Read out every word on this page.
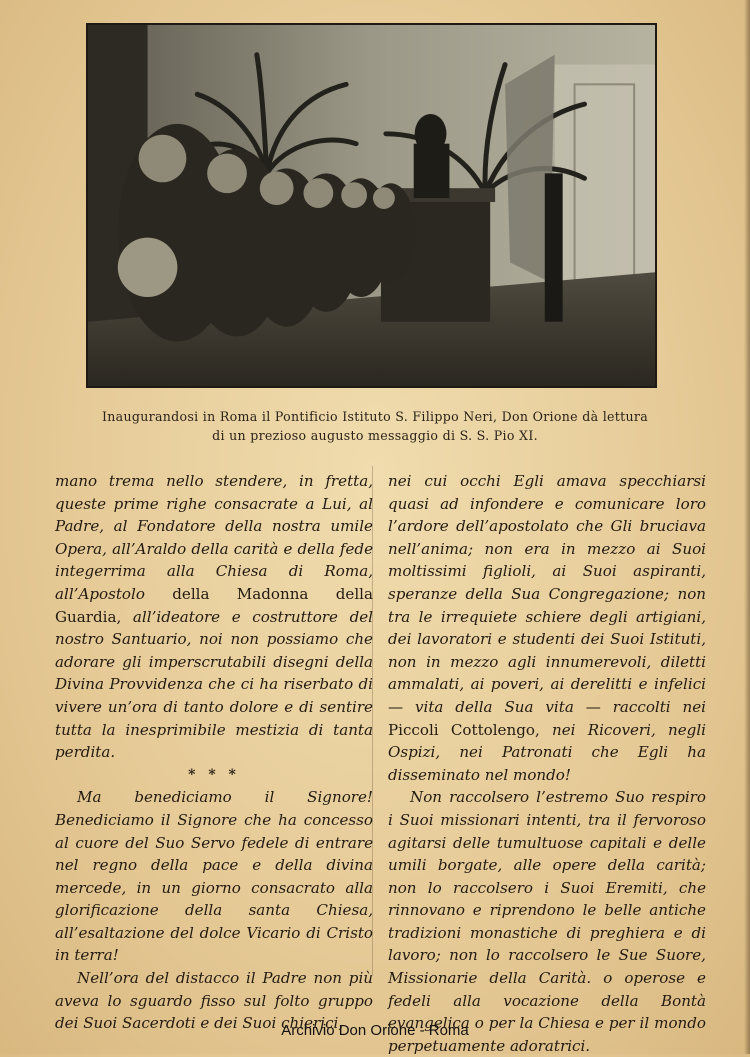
Inaugurandosi in Roma il Pontificio Istituto S. Filippo Neri, Don Orione dà lettura
di un prezioso augusto messaggio di S. S. Pio XI.

mano trema nello stendere, in fretta, queste prime righe consacrate a Lui, al Padre, al Fondatore della nostra umile Opera, all’Araldo della carità e della fede integerrima alla Chiesa di Roma, all’Apostolo della Madonna della Guardia, all’ideatore e costruttore del nostro Santuario, noi non possiamo che adorare gli imperscrutabili disegni della Divina Provvidenza che ci ha riserbato di vivere un’ora di tanto dolore e di sentire tutta la inesprimibile mestizia di tanta perdita.

* * *

Ma benediciamo il Signore! Benediciamo il Signore che ha concesso al cuore del Suo Servo fedele di entrare nel regno della pace e della divina mercede, in un giorno consacrato alla glorificazione della santa Chiesa, all’esaltazione del dolce Vicario di Cristo in terra!

Nell’ora del distacco il Padre non più aveva lo sguardo fisso sul folto gruppo dei Suoi Sacerdoti e dei Suoi chierici,

nei cui occhi Egli amava specchiarsi quasi ad infondere e comunicare loro l’ardore dell’apostolato che Gli bruciava nell’anima; non era in mezzo ai Suoi moltissimi figlioli, ai Suoi aspiranti, speranze della Sua Congregazione; non tra le irrequiete schiere degli artigiani, dei lavoratori e studenti dei Suoi Istituti, non in mezzo agli innumerevoli, diletti ammalati, ai poveri, ai derelitti e infelici — vita della Sua vita — raccolti nei Piccoli Cottolengo, nei Ricoveri, negli Ospizi, nei Patronati che Egli ha disseminato nel mondo!

Non raccolsero l’estremo Suo respiro i Suoi missionari intenti, tra il fervoroso agitarsi delle tumultuose capitali e delle umili borgate, alle opere della carità; non lo raccolsero i Suoi Eremiti, che rinnovano e riprendono le belle antiche tradizioni monastiche di preghiera e di lavoro; non lo raccolsero le Sue Suore, Missionarie della Carità. o operose e fedeli alla vocazione della Bontà evangelica o per la Chiesa e per il mondo perpetuamente adoratrici.

Archivio Don Orione - Roma
